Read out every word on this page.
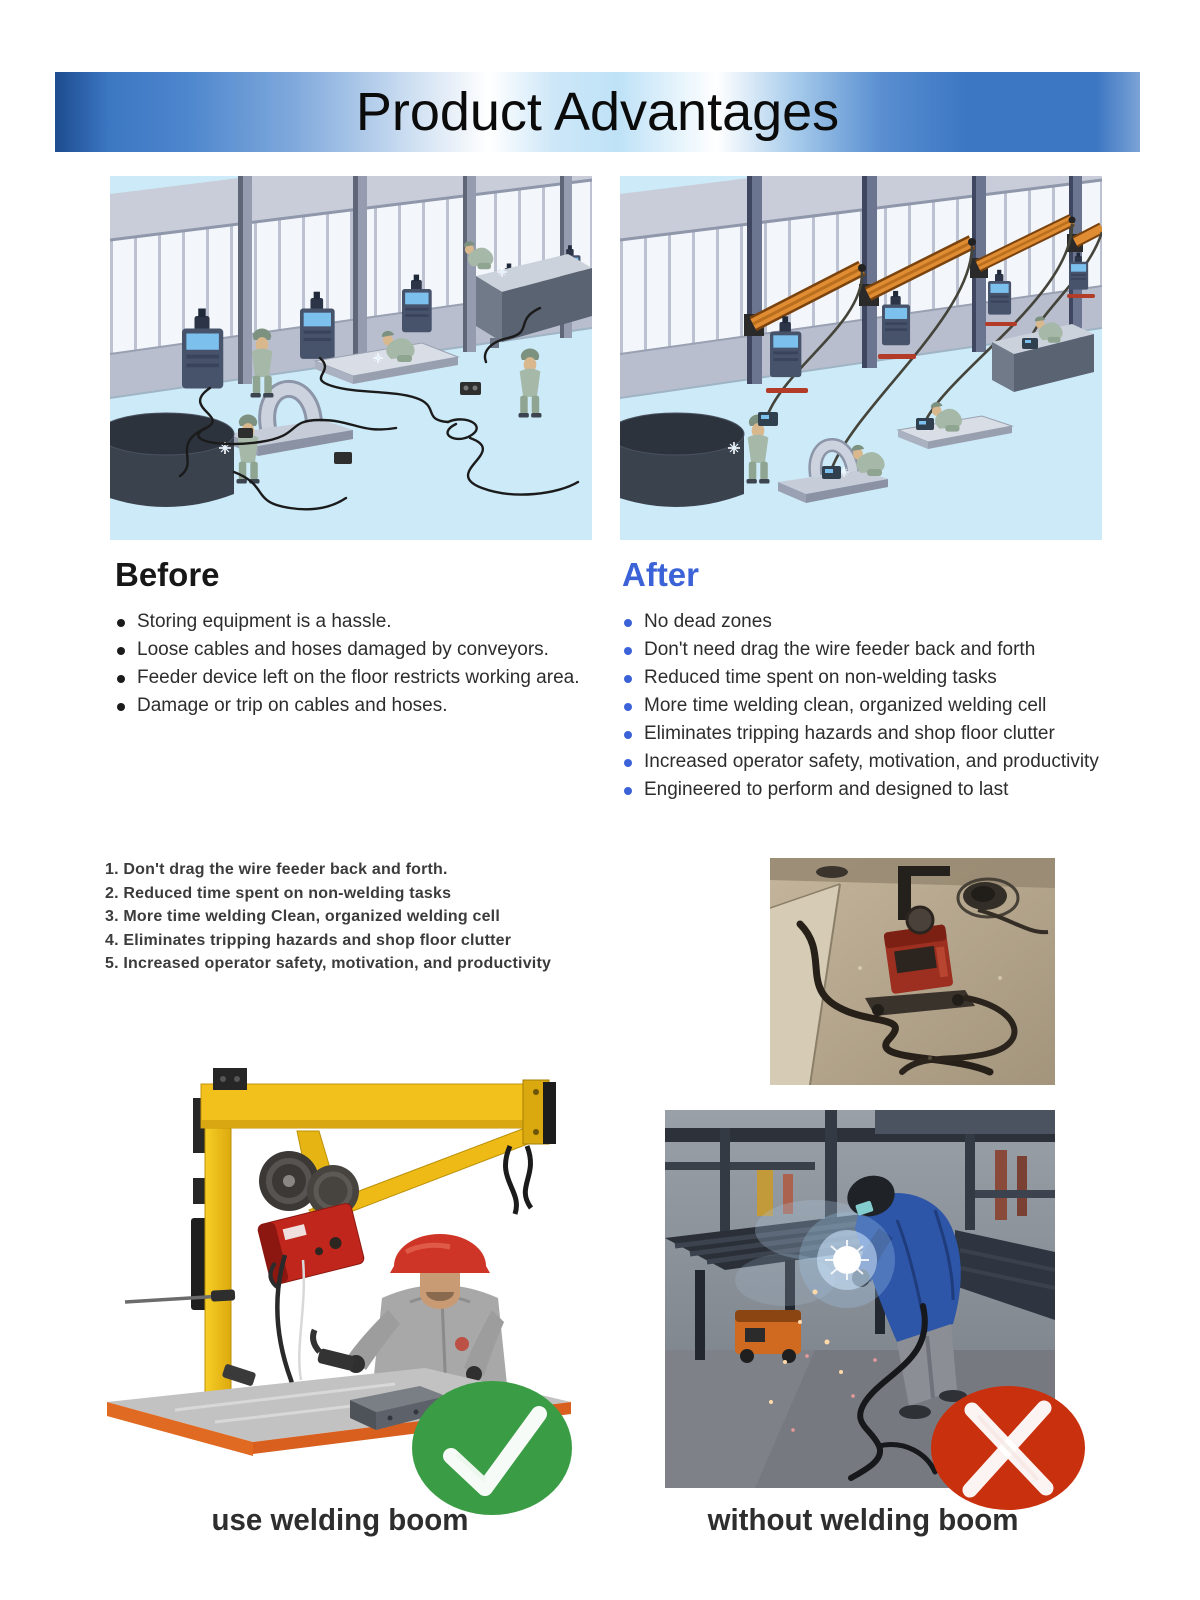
Product Advantages
Before
Storing equipment is a hassle.
Loose cables and hoses damaged by conveyors.
Feeder device left on the floor restricts working area.
Damage or trip on cables and hoses.
After
No dead zones
Don't need drag the wire feeder back and forth
Reduced time spent on non-welding tasks
More time welding clean, organized welding cell
Eliminates tripping hazards and shop floor clutter
Increased operator safety, motivation, and productivity
Engineered to perform and designed to last
1. Don't drag the wire feeder back and forth.
2. Reduced time spent on non-welding tasks
3. More time welding Clean, organized welding cell
4. Eliminates tripping hazards and shop floor clutter
5. Increased operator safety, motivation, and productivity
use welding boom	without welding boom
